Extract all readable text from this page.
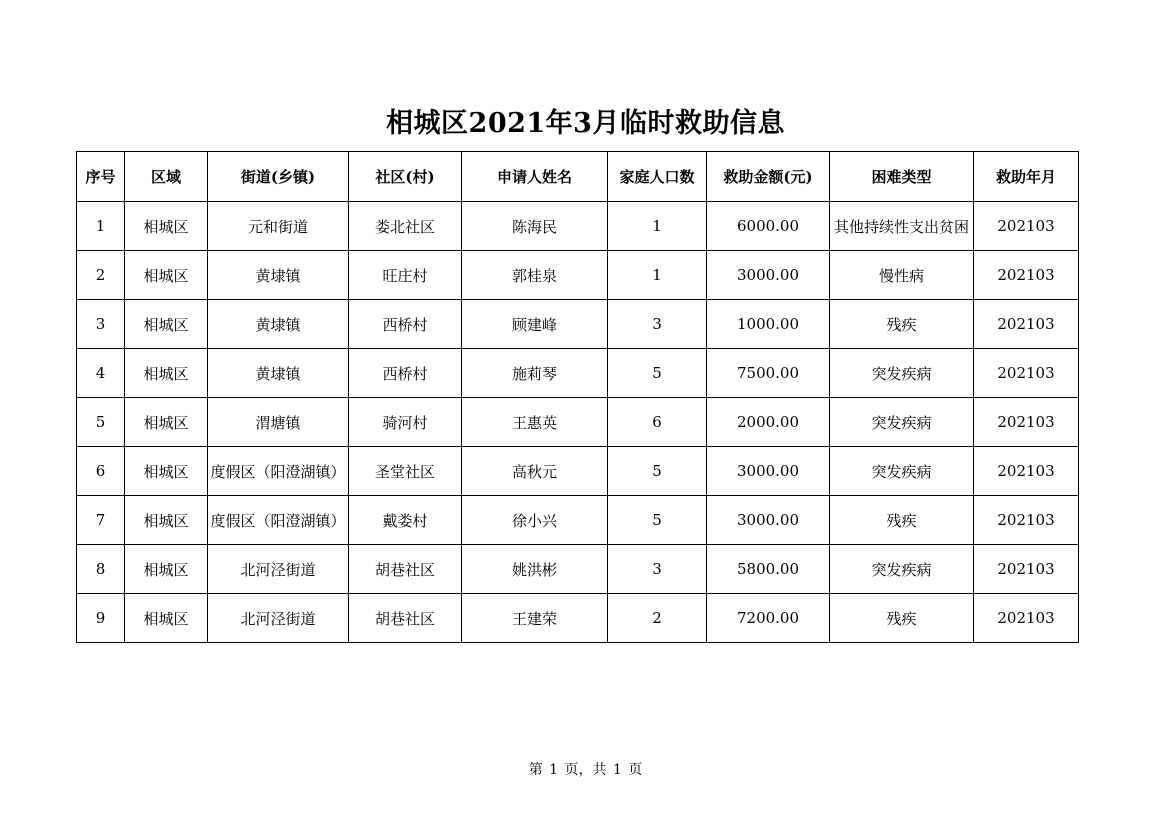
相城区2021年3月临时救助信息
序号	区域	街道(乡镇)	社区(村)	申请人姓名	家庭人口数	救助金额(元)	困难类型	救助年月
1	相城区	元和街道	娄北社区	陈海民	1	6000.00	其他持续性支出贫困	202103
2	相城区	黄埭镇	旺庄村	郭桂泉	1	3000.00	慢性病	202103
3	相城区	黄埭镇	西桥村	顾建峰	3	1000.00	残疾	202103
4	相城区	黄埭镇	西桥村	施莉琴	5	7500.00	突发疾病	202103
5	相城区	渭塘镇	骑河村	王惠英	6	2000.00	突发疾病	202103
6	相城区	度假区（阳澄湖镇）	圣堂社区	高秋元	5	3000.00	突发疾病	202103
7	相城区	度假区（阳澄湖镇）	戴娄村	徐小兴	5	3000.00	残疾	202103
8	相城区	北河泾街道	胡巷社区	姚洪彬	3	5800.00	突发疾病	202103
9	相城区	北河泾街道	胡巷社区	王建荣	2	7200.00	残疾	202103
第 1 页，共 1 页
